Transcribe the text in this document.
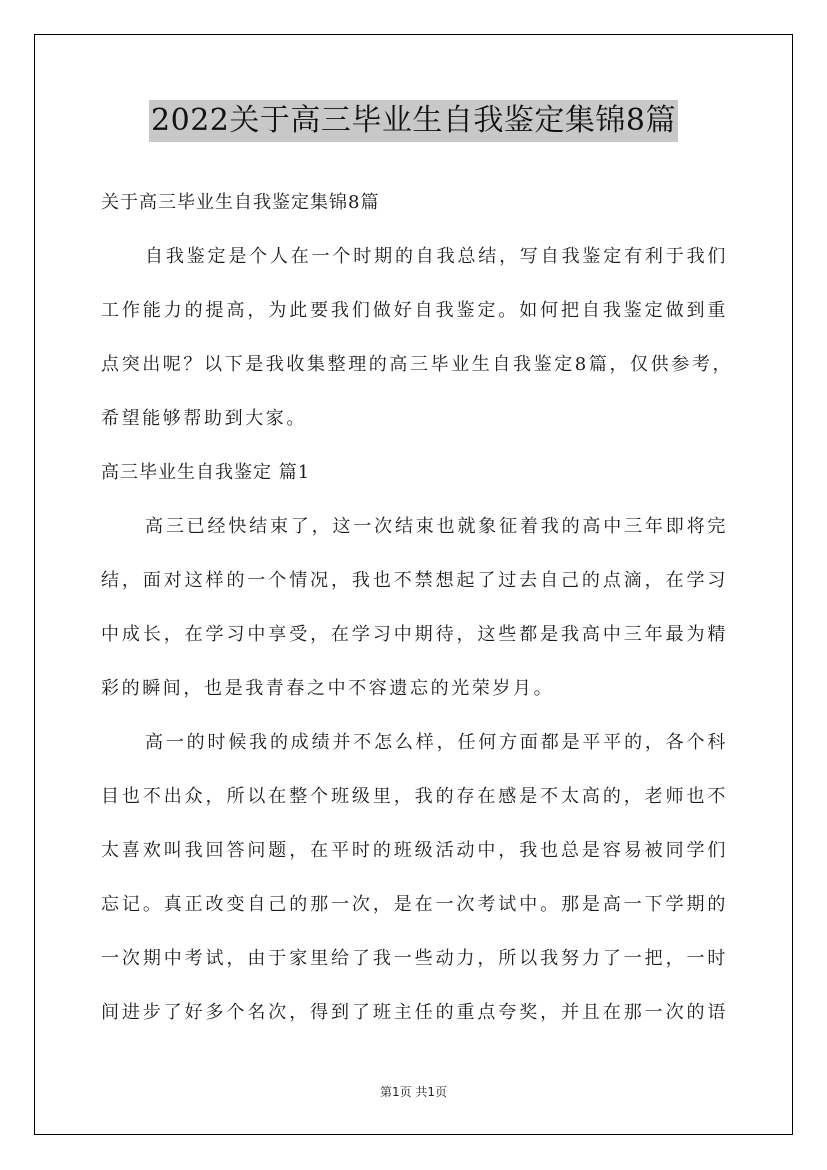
2022关于高三毕业生自我鉴定集锦8篇
关于高三毕业生自我鉴定集锦8篇
自我鉴定是个人在一个时期的自我总结，写自我鉴定有利于我们
工作能力的提高，为此要我们做好自我鉴定。如何把自我鉴定做到重
点突出呢？以下是我收集整理的高三毕业生自我鉴定8篇，仅供参考，
希望能够帮助到大家。
高三毕业生自我鉴定 篇1
高三已经快结束了，这一次结束也就象征着我的高中三年即将完
结，面对这样的一个情况，我也不禁想起了过去自己的点滴，在学习
中成长，在学习中享受，在学习中期待，这些都是我高中三年最为精
彩的瞬间，也是我青春之中不容遗忘的光荣岁月。
高一的时候我的成绩并不怎么样，任何方面都是平平的，各个科
目也不出众，所以在整个班级里，我的存在感是不太高的，老师也不
太喜欢叫我回答问题，在平时的班级活动中，我也总是容易被同学们
忘记。真正改变自己的那一次，是在一次考试中。那是高一下学期的
一次期中考试，由于家里给了我一些动力，所以我努力了一把，一时
间进步了好多个名次，得到了班主任的重点夸奖，并且在那一次的语
第1页 共1页
